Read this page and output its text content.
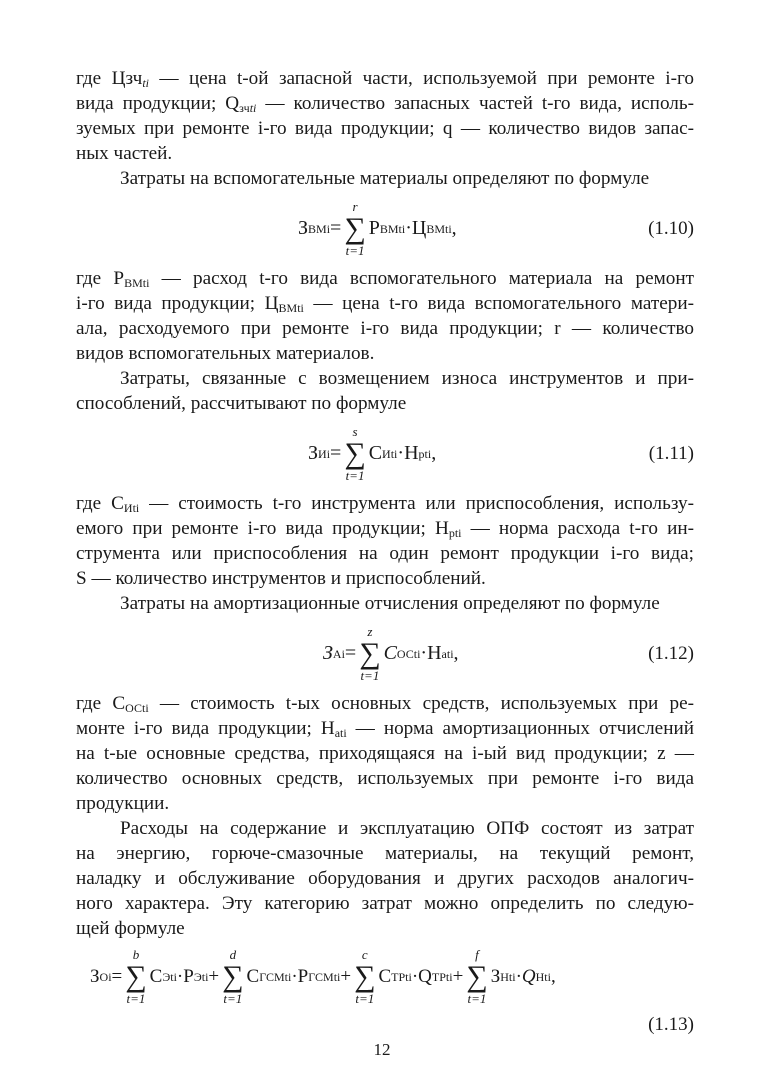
где Цзч$_{ti}$ — цена t-ой запасной части, используемой при ремонте i-го
вида продукции; $Q_{зчti}$ — количество запасных частей t-го вида, исполь-
зуемых при ремонте i-го вида продукции; q — количество видов запас-
ных частей.

Затраты на вспомогательные материалы определяют по формуле

З ВМi =
r
∑
t=1
Р ВМti · Ц ВМti ,	(1.10)

где $Р_{ВМti}$ — расход t-го вида вспомогательного материала на ремонт
i-го вида продукции; $Ц_{ВМti}$ — цена t-го вида вспомогательного матери-
ала, расходуемого при ремонте i-го вида продукции; r — количество
видов вспомогательных материалов.

Затраты, связанные с возмещением износа инструментов и при-
способлений, рассчитывают по формуле

З Иi =
s
∑
t=1
С Иti · Н pti ,	(1.11)

где $С_{Иti}$ — стоимость t-го инструмента или приспособления, использу-
емого при ремонте i-го вида продукции; $Н_{pti}$ — норма расхода t-го ин-
струмента или приспособления на один ремонт продукции i-го вида;
S — количество инструментов и приспособлений.

Затраты на амортизационные отчисления определяют по формуле

З Аi =
z
∑
t=1
С ОСti · Н аti ,	(1.12)

где $С_{ОСti}$ — стоимость t-ых основных средств, используемых при ре-
монте i-го вида продукции; $Н_{аti}$ — норма амортизационных отчислений
на t-ые основные средства, приходящаяся на i-ый вид продукции; z —
количество основных средств, используемых при ремонте i-го вида
продукции.

Расходы на содержание и эксплуатацию ОПФ состоят из затрат
на энергию, горюче-смазочные материалы, на текущий ремонт,
наладку и обслуживание оборудования и других расходов аналогич-
ного характера. Эту категорию затрат можно определить по следую-
щей формуле

З Оi =
b
∑
t=1
С Эti · Р Эti +
d
∑
t=1
С ГСМti · Р ГСМti +
c
∑
t=1
С ТРti · Q ТРti +
f
∑
t=1
З Нti · Q Нti ,
(1.13)
12
